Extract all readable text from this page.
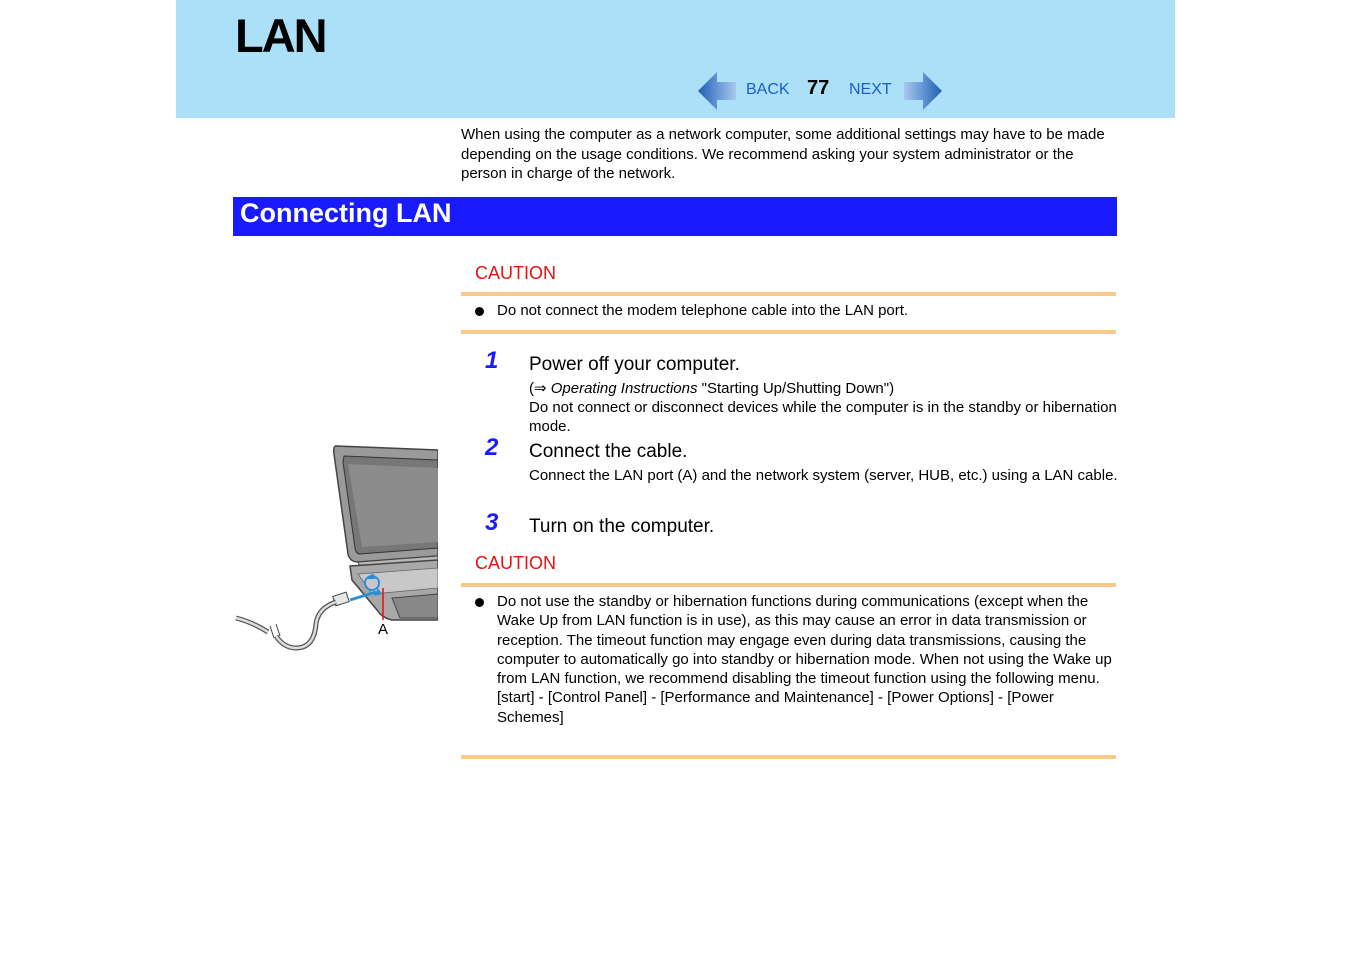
LAN
BACK 77 NEXT
When using the computer as a network computer, some additional settings may have to be made depending on the usage conditions. We recommend asking your system administrator or the person in charge of the network.
Connecting LAN
CAUTION
Do not connect the modem telephone cable into the LAN port.
1 Power off your computer.
(⇒ Operating Instructions "Starting Up/Shutting Down")
Do not connect or disconnect devices while the computer is in the standby or hibernation mode.
2 Connect the cable.
Connect the LAN port (A) and the network system (server, HUB, etc.) using a LAN cable.
3 Turn on the computer.
CAUTION

Do not use the standby or hibernation functions during communications (except when the Wake Up from LAN function is in use), as this may cause an error in data transmission or reception. The timeout function may engage even during data transmissions, causing the computer to automatically go into standby or hibernation mode. When not using the Wake up from LAN function, we recommend disabling the timeout function using the following menu.
[start] - [Control Panel] - [Performance and Maintenance] - [Power Options] - [Power Schemes]

A
